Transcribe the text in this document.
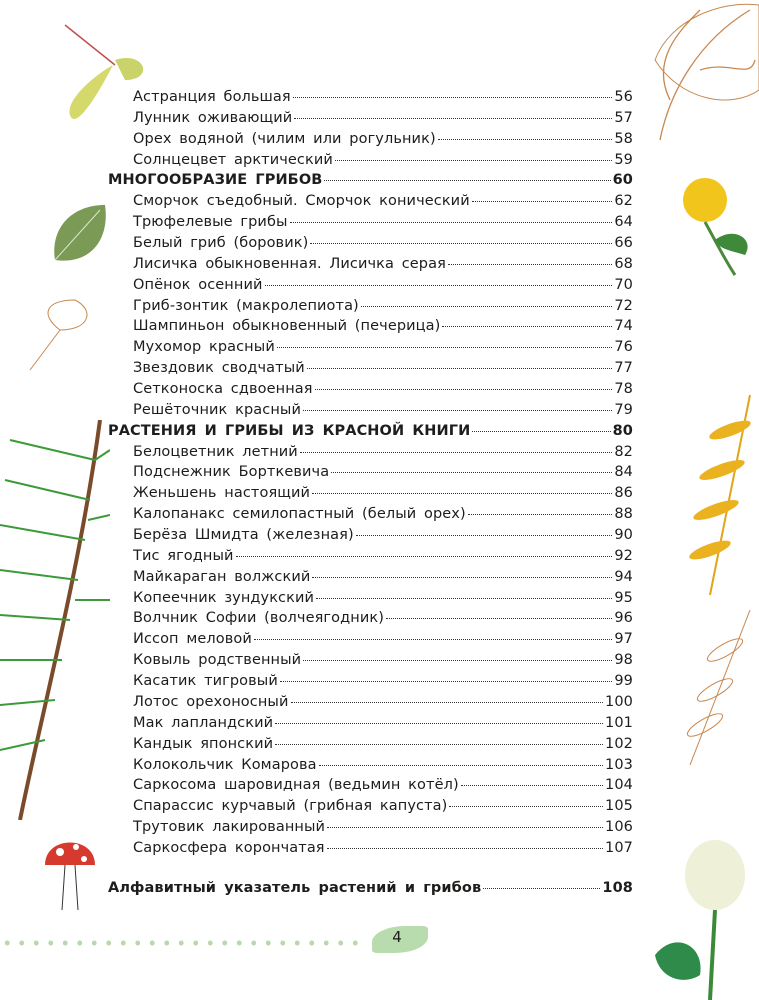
Астранция большая	56
Лунник оживающий	57
Орех водяной (чилим или рогульник)	58
Солнцецвет арктический	59
МНОГООБРАЗИЕ ГРИБОВ	60
Сморчок съедобный. Сморчок конический	62
Трюфелевые грибы	64
Белый гриб (боровик)	66
Лисичка обыкновенная. Лисичка серая	68
Опёнок осенний	70
Гриб-зонтик (макролепиота)	72
Шампиньон обыкновенный (печерица)	74
Мухомор красный	76
Звездовик сводчатый	77
Сетконоска сдвоенная	78
Решёточник красный	79
РАСТЕНИЯ И ГРИБЫ ИЗ КРАСНОЙ КНИГИ	80
Белоцветник летний	82
Подснежник Борткевича	84
Женьшень настоящий	86
Калопанакс семилопастный (белый орех)	88
Берёза Шмидта (железная)	90
Тис ягодный	92
Майкараган волжский	94
Копеечник зундукский	95
Волчник Софии (волчеягодник)	96
Иссоп меловой	97
Ковыль родственный	98
Касатик тигровый	99
Лотос орехоносный	100
Мак лапландский	101
Кандык японский	102
Колокольчик Комарова	103
Саркосома шаровидная (ведьмин котёл)	104
Спарассис курчавый (грибная капуста)	105
Трутовик лакированный	106
Саркосфера корончатая	107
Алфавитный указатель растений и грибов	108
4
